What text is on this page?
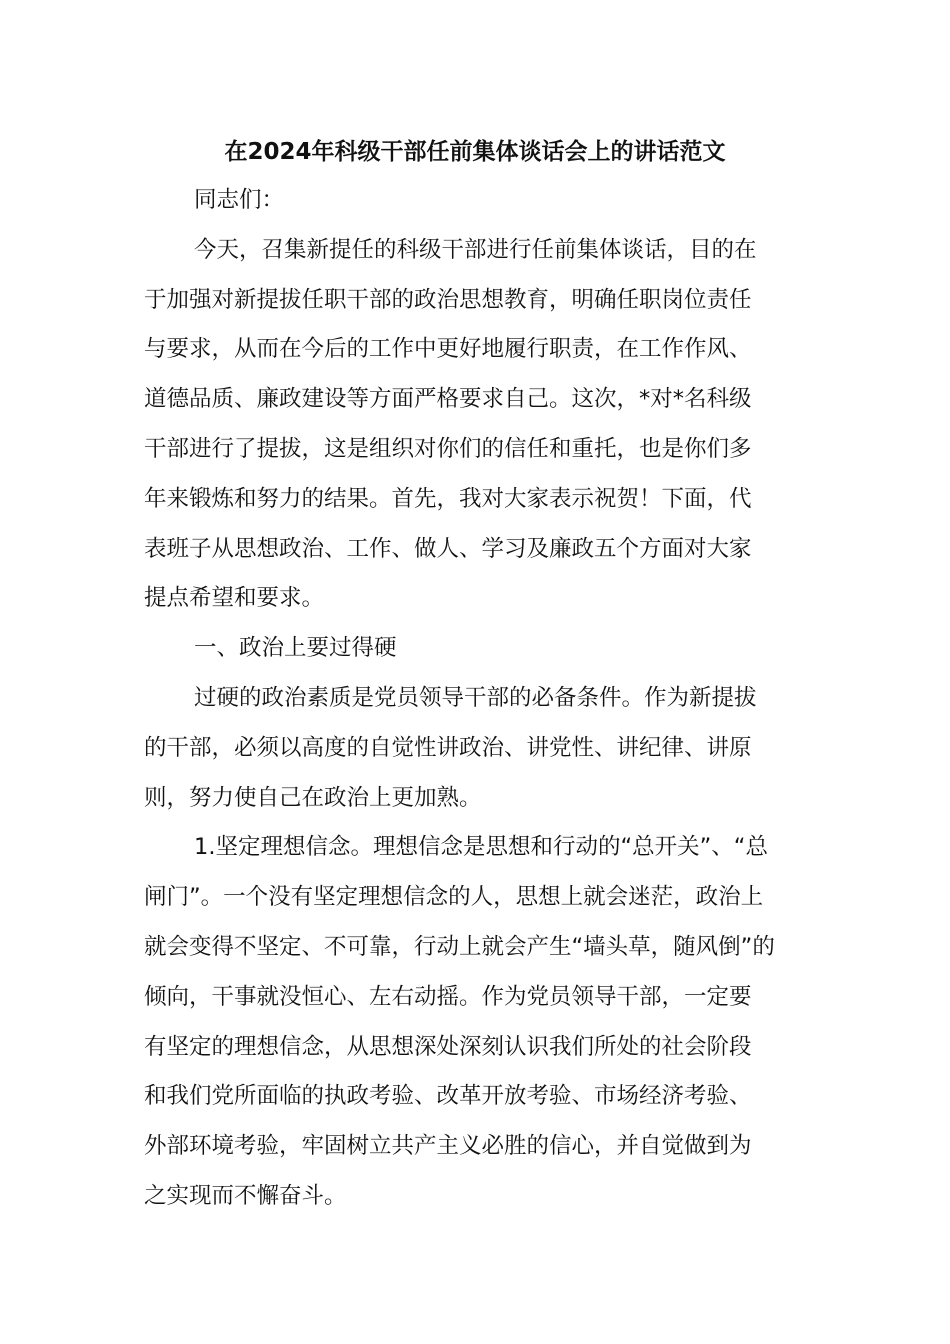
在2024年科级干部任前集体谈话会上的讲话范文

同志们：

今天，召集新提任的科级干部进行任前集体谈话，目的在
于加强对新提拔任职干部的政治思想教育，明确任职岗位责任
与要求，从而在今后的工作中更好地履行职责，在工作作风、
道德品质、廉政建设等方面严格要求自己。这次，*对*名科级
干部进行了提拔，这是组织对你们的信任和重托，也是你们多
年来锻炼和努力的结果。首先，我对大家表示祝贺！下面，代
表班子从思想政治、工作、做人、学习及廉政五个方面对大家
提点希望和要求。

一、政治上要过得硬

过硬的政治素质是党员领导干部的必备条件。作为新提拔
的干部，必须以高度的自觉性讲政治、讲党性、讲纪律、讲原
则，努力使自己在政治上更加熟。

1.坚定理想信念。理想信念是思想和行动的“总开关”、“总
闸门”。一个没有坚定理想信念的人，思想上就会迷茫，政治上
就会变得不坚定、不可靠，行动上就会产生“墙头草，随风倒”的
倾向，干事就没恒心、左右动摇。作为党员领导干部，一定要
有坚定的理想信念，从思想深处深刻认识我们所处的社会阶段
和我们党所面临的执政考验、改革开放考验、市场经济考验、
外部环境考验，牢固树立共产主义必胜的信心，并自觉做到为
之实现而不懈奋斗。
